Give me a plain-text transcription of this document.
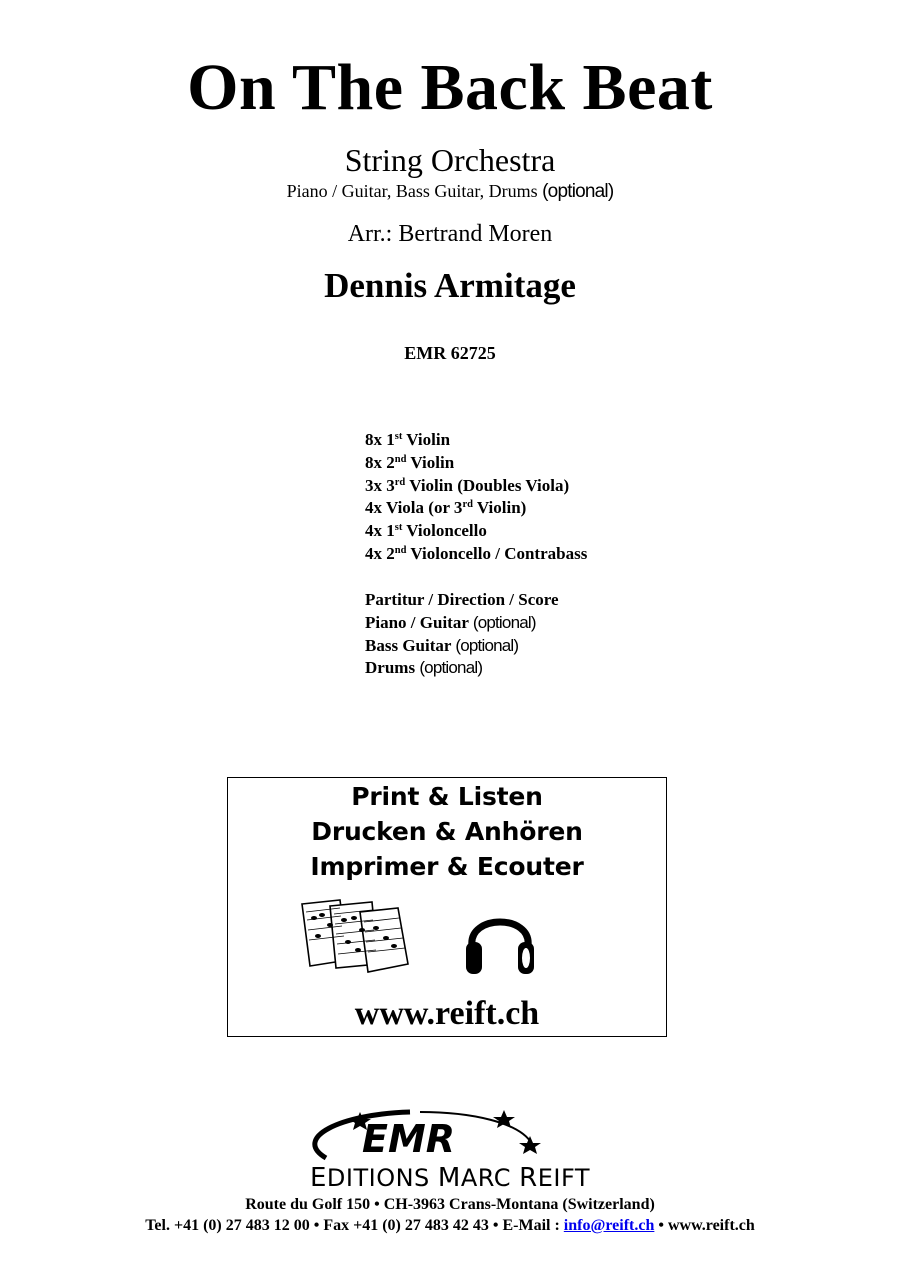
On The Back Beat
String Orchestra
Piano / Guitar, Bass Guitar, Drums (optional)
Arr.: Bertrand Moren
Dennis Armitage
EMR 62725
8x 1st Violin
8x 2nd Violin
3x 3rd Violin (Doubles Viola)
4x Viola (or 3rd Violin)
4x 1st Violoncello
4x 2nd Violoncello / Contrabass
Partitur / Direction / Score
Piano / Guitar (optional)
Bass Guitar (optional)
Drums (optional)
Print & Listen
Drucken & Anhören
Imprimer & Ecouter
www.reift.ch
EMR
EDITIONS MARC REIFT
Route du Golf 150 • CH-3963 Crans-Montana (Switzerland)
Tel. +41 (0) 27 483 12 00 • Fax +41 (0) 27 483 42 43 • E-Mail : info@reift.ch • www.reift.ch
